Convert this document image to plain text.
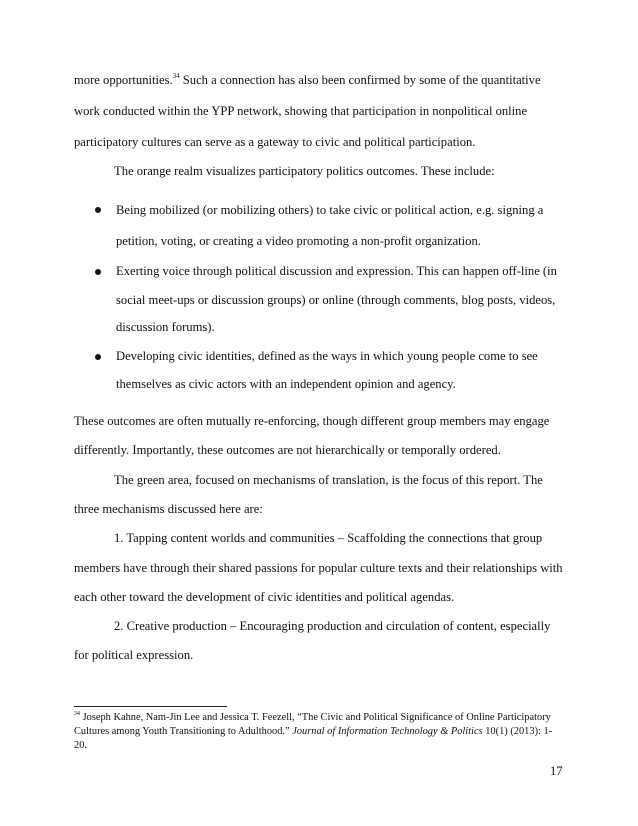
more opportunities.$^{34}$ Such a connection has also been confirmed by some of the quantitative

work conducted within the YPP network, showing that participation in nonpolitical online

participatory cultures can serve as a gateway to civic and political participation.

The orange realm visualizes participatory politics outcomes. These include:

Being mobilized (or mobilizing others) to take civic or political action, e.g. signing a

petition, voting, or creating a video promoting a non-profit organization.

Exerting voice through political discussion and expression. This can happen off-line (in

social meet-ups or discussion groups) or online (through comments, blog posts, videos,

discussion forums).

Developing civic identities, defined as the ways in which young people come to see

themselves as civic actors with an independent opinion and agency.

These outcomes are often mutually re-enforcing, though different group members may engage

differently. Importantly, these outcomes are not hierarchically or temporally ordered.

The green area, focused on mechanisms of translation, is the focus of this report. The

three mechanisms discussed here are:

1. Tapping content worlds and communities – Scaffolding the connections that group

members have through their shared passions for popular culture texts and their relationships with

each other toward the development of civic identities and political agendas.

2. Creative production – Encouraging production and circulation of content, especially

for political expression.

$^{34}$ Joseph Kahne, Nam-Jin Lee and Jessica T. Feezell, “The Civic and Political Significance of Online Participatory

Cultures among Youth Transitioning to Adulthood.” Journal of Information Technology & Politics 10(1) (2013): 1-

20.

17
